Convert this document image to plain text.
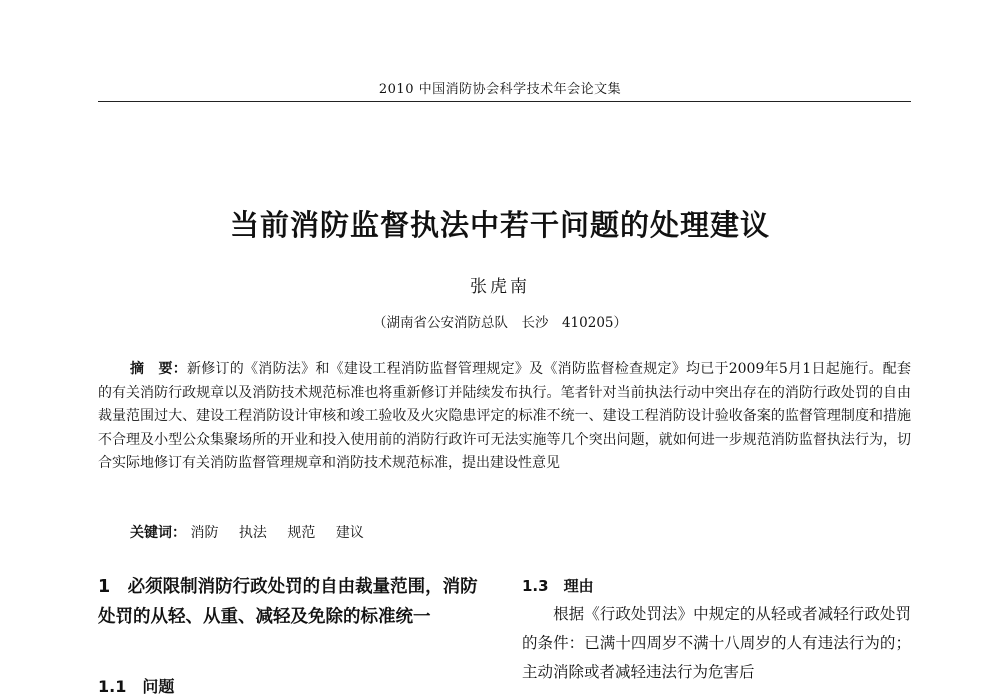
2010 中国消防协会科学技术年会论文集
当前消防监督执法中若干问题的处理建议
张虎南
（湖南省公安消防总队　长沙　410205）
摘　要：新修订的《消防法》和《建设工程消防监督管理规定》及《消防监督检查规定》均已于2009年5月1日起施行。配套的有关消防行政规章以及消防技术规范标准也将重新修订并陆续发布执行。笔者针对当前执法行动中突出存在的消防行政处罚的自由裁量范围过大、建设工程消防设计审核和竣工验收及火灾隐患评定的标准不统一、建设工程消防设计验收备案的监督管理制度和措施不合理及小型公众集聚场所的开业和投入使用前的消防行政许可无法实施等几个突出问题，就如何进一步规范消防监督执法行为，切合实际地修订有关消防监督管理规章和消防技术规范标准，提出建设性意见
关键词： 消防 执法 规范 建议
1　必须限制消防行政处罚的自由裁量范围，消防处罚的从轻、从重、减轻及免除的标准统一
1.1　问题
1.3　理由
  根据《行政处罚法》中规定的从轻或者减轻行政处罚的条件：已满十四周岁不满十八周岁的人有违法行为的；主动消除或者减轻违法行为危害后
